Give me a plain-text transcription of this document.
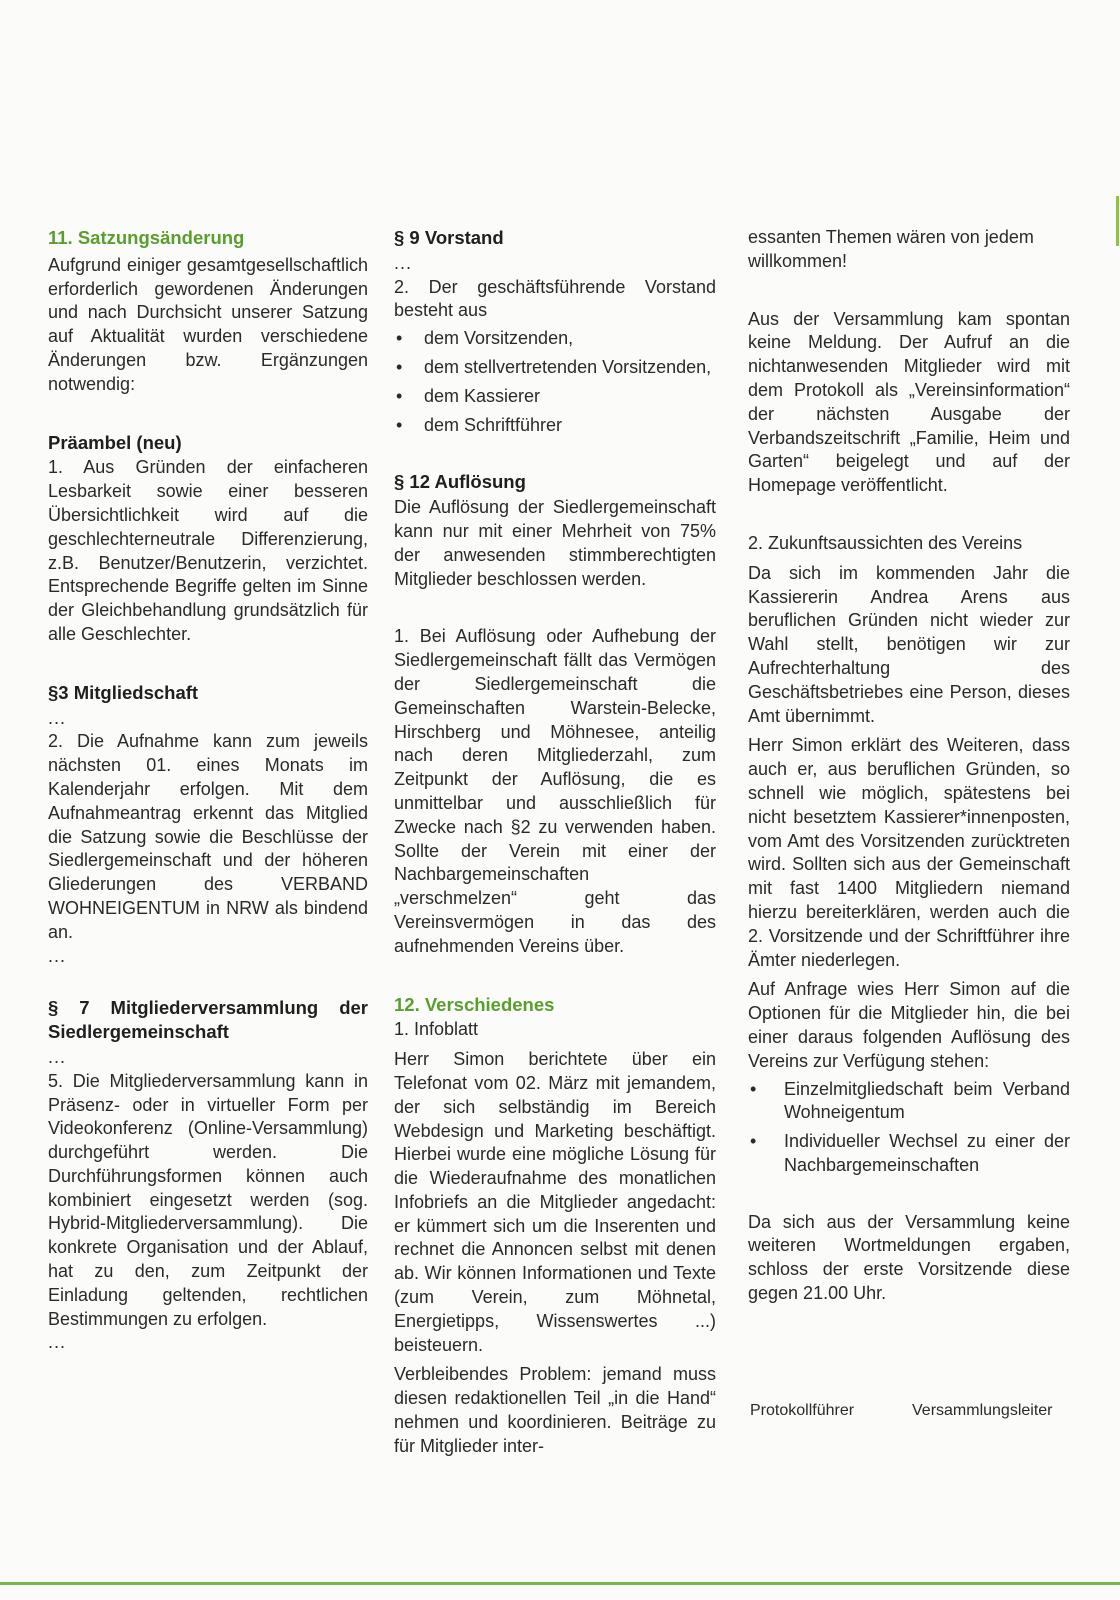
11. Satzungsänderung

Aufgrund einiger gesamtgesellschaftlich erforderlich gewordenen Änderungen und nach Durchsicht unserer Satzung auf Aktualität wurden verschiedene Änderungen bzw. Ergänzungen notwendig:

Präambel (neu)

1. Aus Gründen der einfacheren Lesbarkeit sowie einer besseren Übersichtlichkeit wird auf die geschlechterneutrale Differenzierung, z.B. Benutzer/Benutzerin, verzichtet. Entsprechende Begriffe gelten im Sinne der Gleichbehandlung grundsätzlich für alle Geschlechter.

§3 Mitgliedschaft

...

2. Die Aufnahme kann zum jeweils nächsten 01. eines Monats im Kalenderjahr erfolgen. Mit dem Aufnahmeantrag erkennt das Mitglied die Satzung sowie die Beschlüsse der Siedlergemeinschaft und der höheren Gliederungen des VERBAND WOHNEIGENTUM in NRW als bindend an.

...

§ 7 Mitgliederversammlung der Siedlergemeinschaft

...

5. Die Mitgliederversammlung kann in Präsenz- oder in virtueller Form per Videokonferenz (Online-Versammlung) durchgeführt werden. Die Durchführungsformen können auch kombiniert eingesetzt werden (sog. Hybrid-Mitgliederversammlung). Die konkrete Organisation und der Ablauf, hat zu den, zum Zeitpunkt der Einladung geltenden, rechtlichen Bestimmungen zu erfolgen.

...

§ 9 Vorstand

...

2. Der geschäftsführende Vorstand besteht aus

• dem Vorsitzenden,
• dem stellvertretenden Vorsitzenden,
• dem Kassierer
• dem Schriftführer

§ 12 Auflösung

Die Auflösung der Siedlergemeinschaft kann nur mit einer Mehrheit von 75% der anwesenden stimmberechtigten Mitglieder beschlossen werden.

1. Bei Auflösung oder Aufhebung der Siedlergemeinschaft fällt das Vermögen der Siedlergemeinschaft die Gemeinschaften Warstein-Belecke, Hirschberg und Möhnesee, anteilig nach deren Mitgliederzahl, zum Zeitpunkt der Auflösung, die es unmittelbar und ausschließlich für Zwecke nach §2 zu verwenden haben. Sollte der Verein mit einer der Nachbargemeinschaften „verschmelzen“ geht das Vereinsvermögen in das des aufnehmenden Vereins über.

12. Verschiedenes

1. Infoblatt

Herr Simon berichtete über ein Telefonat vom 02. März mit jemandem, der sich selbständig im Bereich Webdesign und Marketing beschäftigt. Hierbei wurde eine mögliche Lösung für die Wiederaufnahme des monatlichen Infobriefs an die Mitglieder angedacht: er kümmert sich um die Inserenten und rechnet die Annoncen selbst mit denen ab. Wir können Informationen und Texte (zum Verein, zum Möhnetal, Energietipps, Wissenswertes ...) beisteuern.

Verbleibendes Problem: jemand muss diesen redaktionellen Teil „in die Hand“ nehmen und koordinieren. Beiträge zu für Mitglieder inter-

essanten Themen wären von jedem willkommen!

Aus der Versammlung kam spontan keine Meldung. Der Aufruf an die nichtanwesenden Mitglieder wird mit dem Protokoll als „Vereinsinformation“ der nächsten Ausgabe der Verbandszeitschrift „Familie, Heim und Garten“ beigelegt und auf der Homepage veröffentlicht.

2. Zukunftsaussichten des Vereins

Da sich im kommenden Jahr die Kassiererin Andrea Arens aus beruflichen Gründen nicht wieder zur Wahl stellt, benötigen wir zur Aufrechterhaltung des Geschäftsbetriebes eine Person, dieses Amt übernimmt.

Herr Simon erklärt des Weiteren, dass auch er, aus beruflichen Gründen, so schnell wie möglich, spätestens bei nicht besetztem Kassierer*innenposten, vom Amt des Vorsitzenden zurücktreten wird. Sollten sich aus der Gemeinschaft mit fast 1400 Mitgliedern niemand hierzu bereiterklären, werden auch die 2. Vorsitzende und der Schriftführer ihre Ämter niederlegen.

Auf Anfrage wies Herr Simon auf die Optionen für die Mitglieder hin, die bei einer daraus folgenden Auflösung des Vereins zur Verfügung stehen:

• Einzelmitgliedschaft beim Verband Wohneigentum
• Individueller Wechsel zu einer der Nachbargemeinschaften

Da sich aus der Versammlung keine weiteren Wortmeldungen ergaben, schloss der erste Vorsitzende diese gegen 21.00 Uhr.

Protokollführer	Versammlungsleiter
